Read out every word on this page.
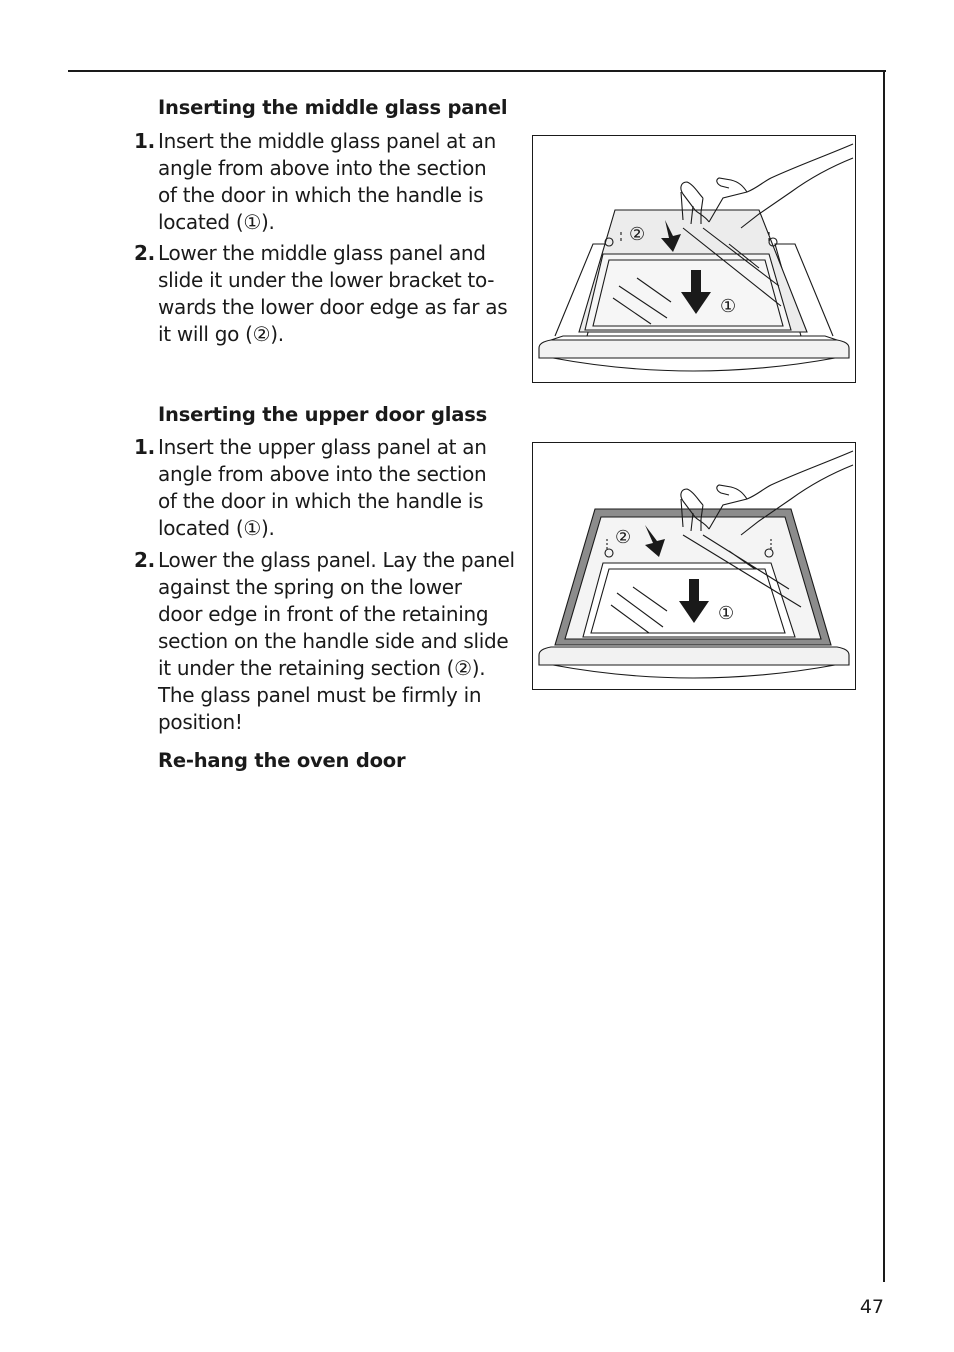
Inserting the middle glass panel
1. Insert the middle glass panel at an
angle from above into the section
of the door in which the handle is
located (①).
2. Lower the middle glass panel and
slide it under the lower bracket to-
wards the lower door edge as far as
it will go (②).
②
①
Inserting the upper door glass
1. Insert the upper glass panel at an
angle from above into the section
of the door in which the handle is
located (①).
2. Lower the glass panel. Lay the panel
against the spring on the lower
door edge in front of the retaining
section on the handle side and slide
it under the retaining section (②).
The glass panel must be firmly in
position!
②
①
Re-hang the oven door
47
